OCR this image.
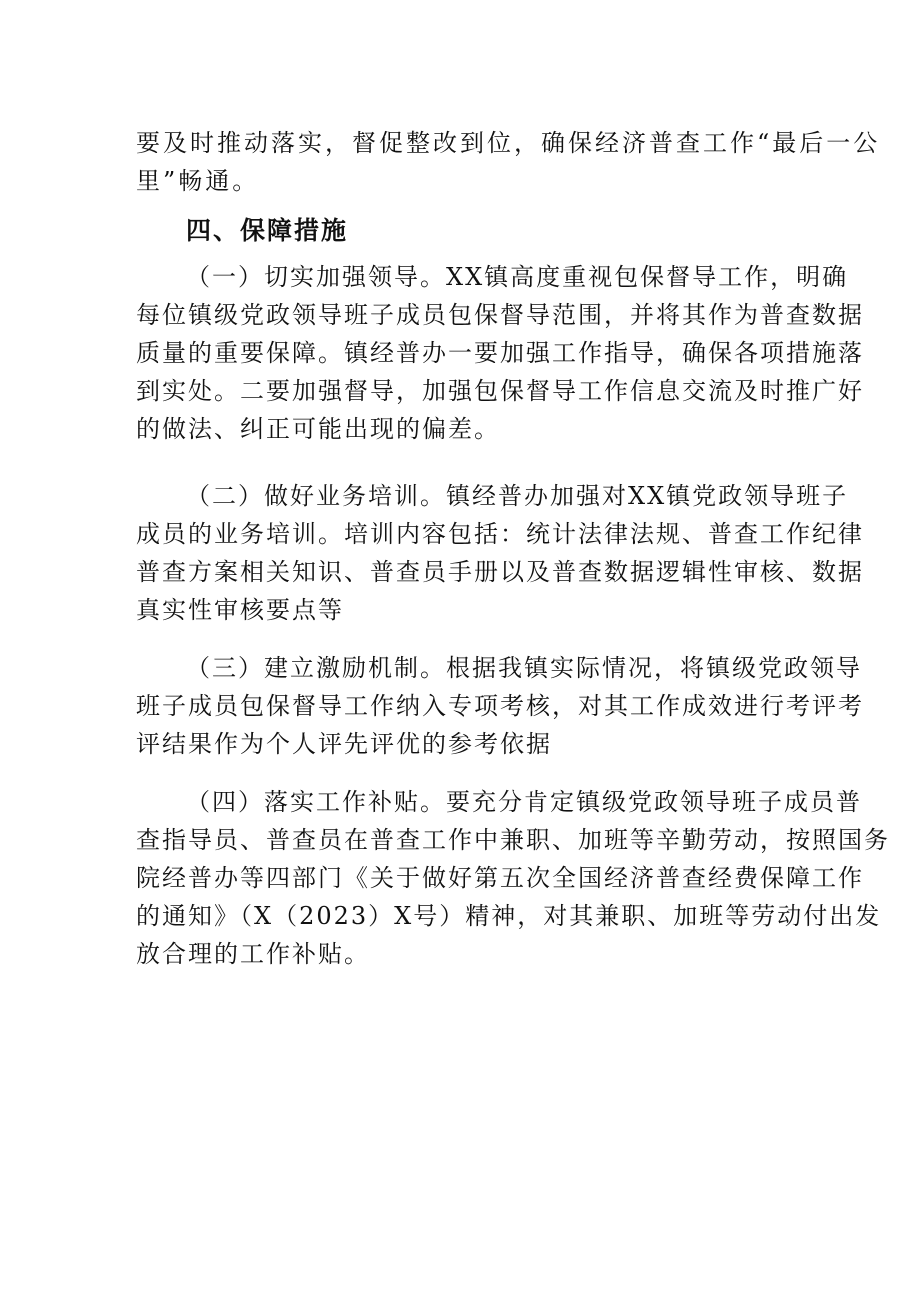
要及时推动落实，督促整改到位，确保经济普查工作“最后一公
里”畅通。
四、保障措施
（一）切实加强领导。XX镇高度重视包保督导工作，明确
每位镇级党政领导班子成员包保督导范围，并将其作为普查数据
质量的重要保障。镇经普办一要加强工作指导，确保各项措施落
到实处。二要加强督导，加强包保督导工作信息交流及时推广好
的做法、纠正可能出现的偏差。
（二）做好业务培训。镇经普办加强对XX镇党政领导班子
成员的业务培训。培训内容包括：统计法律法规、普查工作纪律
普查方案相关知识、普查员手册以及普查数据逻辑性审核、数据
真实性审核要点等
（三）建立激励机制。根据我镇实际情况，将镇级党政领导
班子成员包保督导工作纳入专项考核，对其工作成效进行考评考
评结果作为个人评先评优的参考依据
（四）落实工作补贴。要充分肯定镇级党政领导班子成员普
查指导员、普查员在普查工作中兼职、加班等辛勤劳动，按照国务
院经普办等四部门《关于做好第五次全国经济普查经费保障工作
的通知》（X（2023）X号）精神，对其兼职、加班等劳动付出发
放合理的工作补贴。
